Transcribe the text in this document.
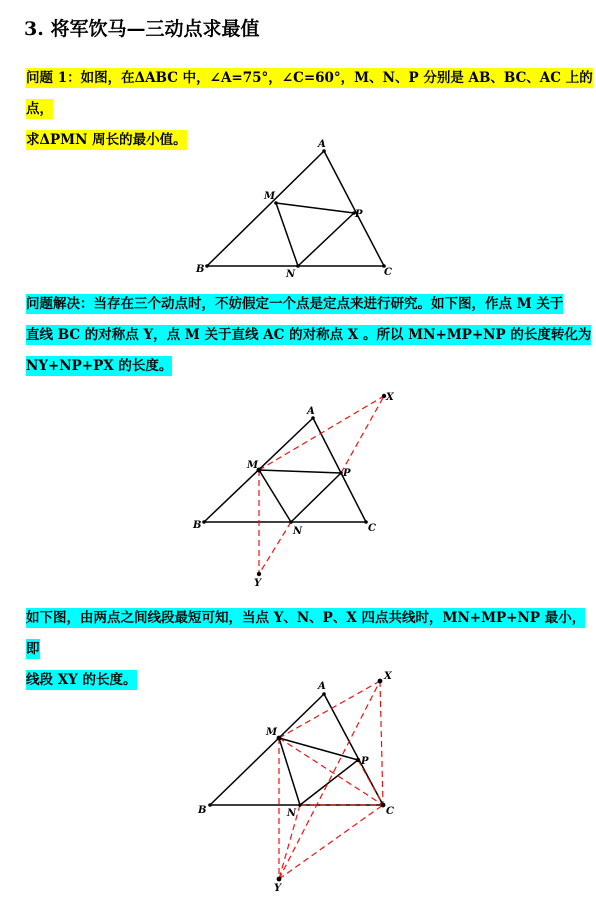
3. 将军饮马—三动点求最值
问题 1：如图，在ΔABC 中，∠A=75°，∠C=60°，M、N、P 分别是 AB、BC、AC 上的点，
求ΔPMN 周长的最小值。	A
B	C
M
N
P
问题解决：当存在三个动点时，不妨假定一个点是定点来进行研究。如下图，作点 M 关于
直线 BC 的对称点 Y，点 M 关于直线 AC 的对称点 X 。所以 MN+MP+NP 的长度转化为
NY+NP+PX 的长度。
A
B	C
M
N
P
X
Y
如下图，由两点之间线段最短可知，当点 Y、N、P、X 四点共线时，MN+MP+NP 最小，即
线段 XY 的长度。	A
B	C
M
N
P
X
Y
